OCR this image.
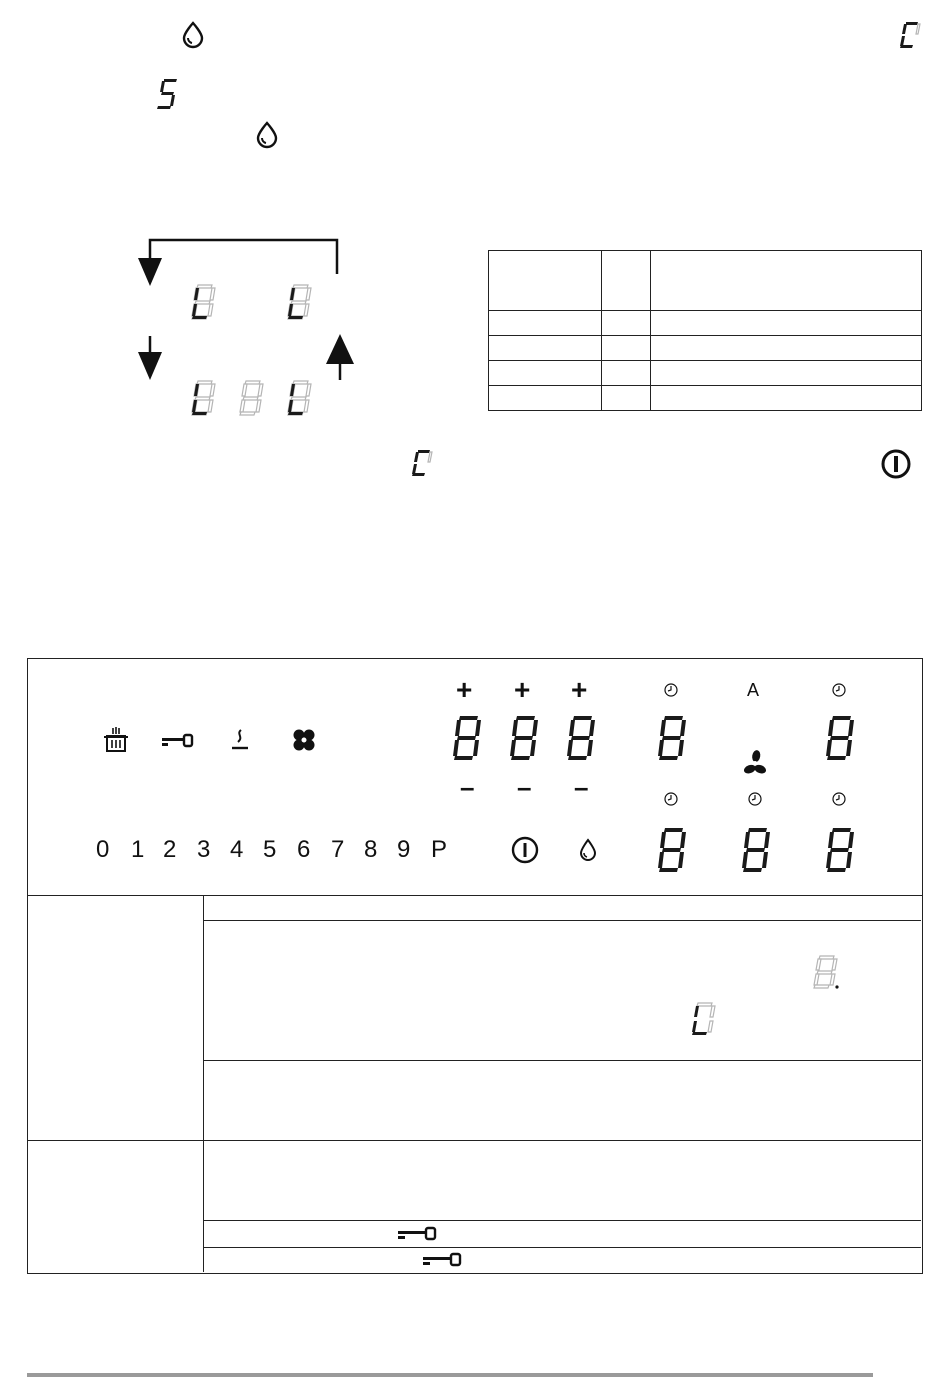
+ + +
– – –
A
0 1 2 3 4 5 6 7 8 9 P
